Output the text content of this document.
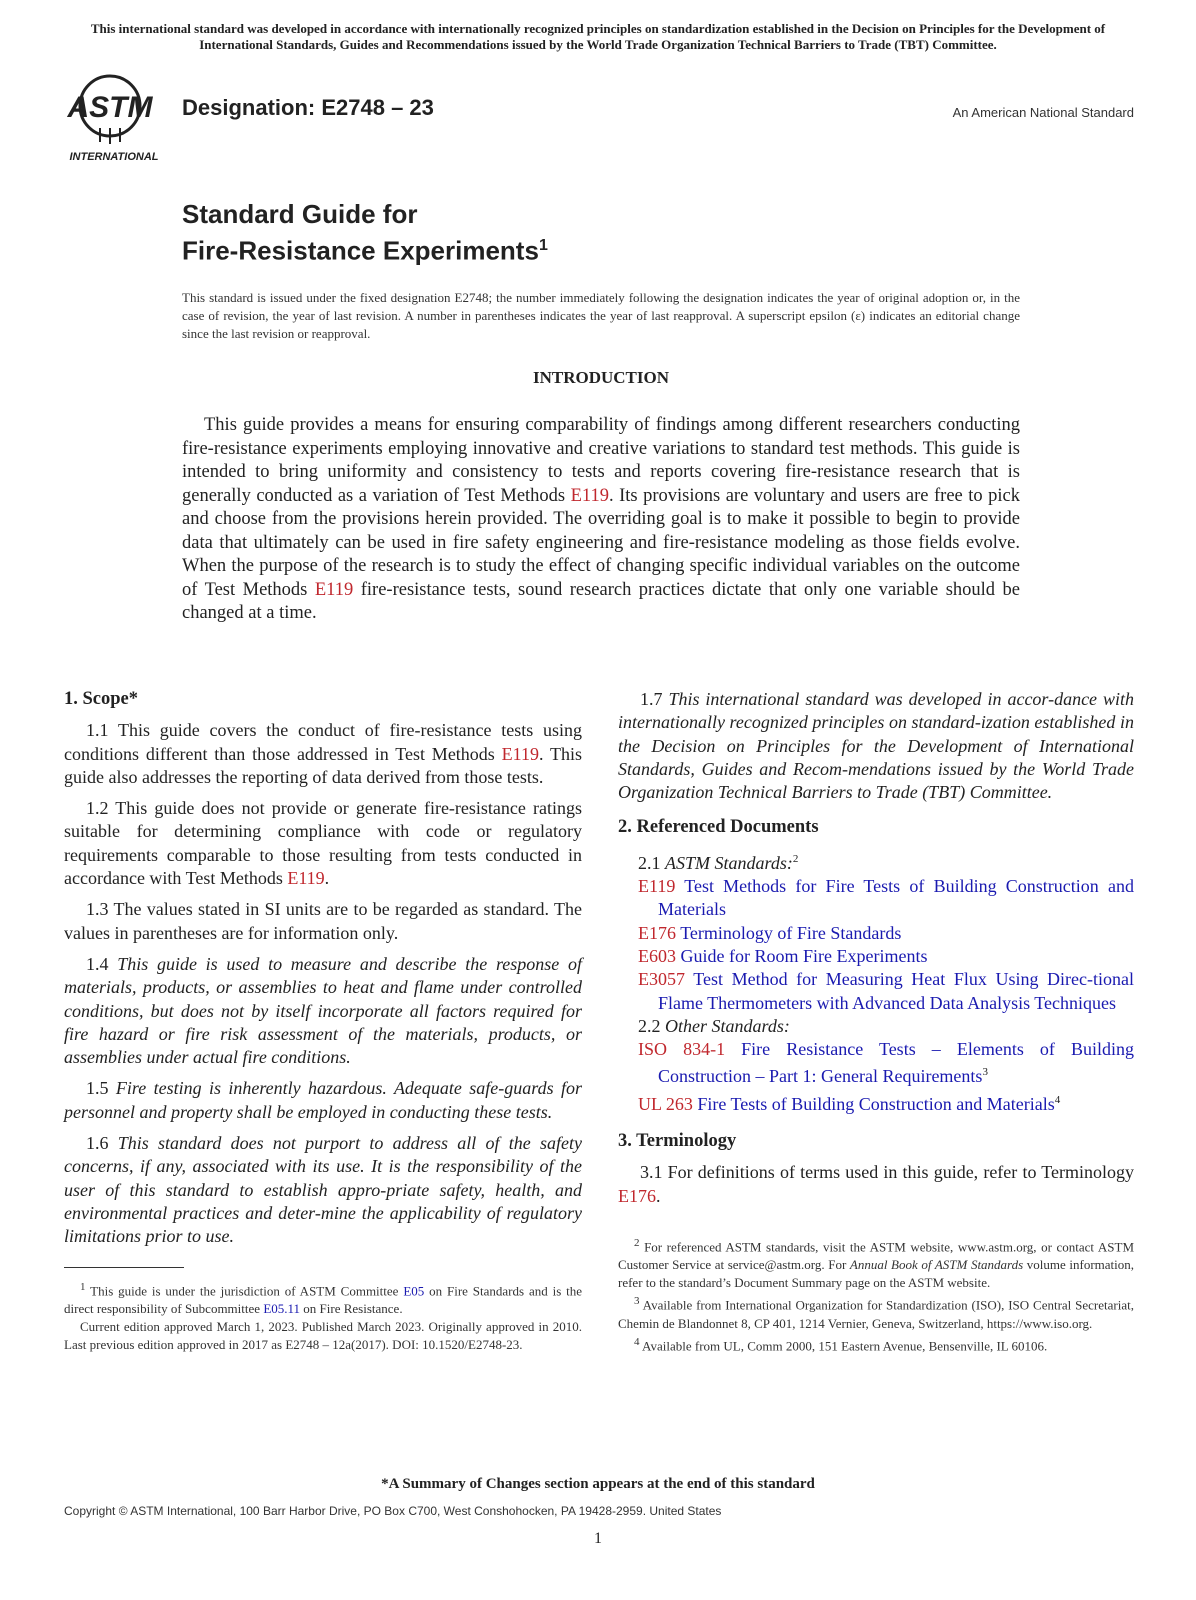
This international standard was developed in accordance with internationally recognized principles on standardization established in the Decision on Principles for the Development of International Standards, Guides and Recommendations issued by the World Trade Organization Technical Barriers to Trade (TBT) Committee.
ASTM
INTERNATIONAL
Designation: E2748 – 23	An American National Standard
Standard Guide for
Fire-Resistance Experiments$^1$
This standard is issued under the fixed designation E2748; the number immediately following the designation indicates the year of original adoption or, in the case of revision, the year of last revision. A number in parentheses indicates the year of last reapproval. A superscript epsilon (ε) indicates an editorial change since the last revision or reapproval.
INTRODUCTION

This guide provides a means for ensuring comparability of findings among different researchers conducting fire-resistance experiments employing innovative and creative variations to standard test methods. This guide is intended to bring uniformity and consistency to tests and reports covering fire-resistance research that is generally conducted as a variation of Test Methods E119. Its provisions are voluntary and users are free to pick and choose from the provisions herein provided. The overriding goal is to make it possible to begin to provide data that ultimately can be used in fire safety engineering and fire-resistance modeling as those fields evolve. When the purpose of the research is to study the effect of changing specific individual variables on the outcome of Test Methods E119 fire-resistance tests, sound research practices dictate that only one variable should be changed at a time.

1. Scope*

1.1 This guide covers the conduct of fire-resistance tests using conditions different than those addressed in Test Methods E119. This guide also addresses the reporting of data derived from those tests.

1.2 This guide does not provide or generate fire-resistance ratings suitable for determining compliance with code or regulatory requirements comparable to those resulting from tests conducted in accordance with Test Methods E119.

1.3 The values stated in SI units are to be regarded as standard. The values in parentheses are for information only.

1.4 This guide is used to measure and describe the response of materials, products, or assemblies to heat and flame under controlled conditions, but does not by itself incorporate all factors required for fire hazard or fire risk assessment of the materials, products, or assemblies under actual fire conditions.

1.5 Fire testing is inherently hazardous. Adequate safe-guards for personnel and property shall be employed in conducting these tests.

1.6 This standard does not purport to address all of the safety concerns, if any, associated with its use. It is the responsibility of the user of this standard to establish appro-priate safety, health, and environmental practices and deter-mine the applicability of regulatory limitations prior to use.

$^1$ This guide is under the jurisdiction of ASTM Committee E05 on Fire Standards and is the direct responsibility of Subcommittee E05.11 on Fire Resistance.

Current edition approved March 1, 2023. Published March 2023. Originally approved in 2010. Last previous edition approved in 2017 as E2748 – 12a(2017). DOI: 10.1520/E2748-23.

1.7 This international standard was developed in accor-dance with internationally recognized principles on standard-ization established in the Decision on Principles for the Development of International Standards, Guides and Recom-mendations issued by the World Trade Organization Technical Barriers to Trade (TBT) Committee.

2. Referenced Documents
2.1 ASTM Standards:$^2$
E119 Test Methods for Fire Tests of Building Construction and Materials
E176 Terminology of Fire Standards
E603 Guide for Room Fire Experiments
E3057 Test Method for Measuring Heat Flux Using Direc-tional Flame Thermometers with Advanced Data Analysis Techniques
2.2 Other Standards:
ISO 834-1 Fire Resistance Tests – Elements of Building Construction – Part 1: General Requirements$^3$
UL 263 Fire Tests of Building Construction and Materials$^4$
3. Terminology

3.1 For definitions of terms used in this guide, refer to Terminology E176.

$^2$ For referenced ASTM standards, visit the ASTM website, www.astm.org, or contact ASTM Customer Service at service@astm.org. For Annual Book of ASTM Standards volume information, refer to the standard’s Document Summary page on the ASTM website.

$^3$ Available from International Organization for Standardization (ISO), ISO Central Secretariat, Chemin de Blandonnet 8, CP 401, 1214 Vernier, Geneva, Switzerland, https://www.iso.org.

$^4$ Available from UL, Comm 2000, 151 Eastern Avenue, Bensenville, IL 60106.

*A Summary of Changes section appears at the end of this standard
Copyright © ASTM International, 100 Barr Harbor Drive, PO Box C700, West Conshohocken, PA 19428-2959. United States
1
